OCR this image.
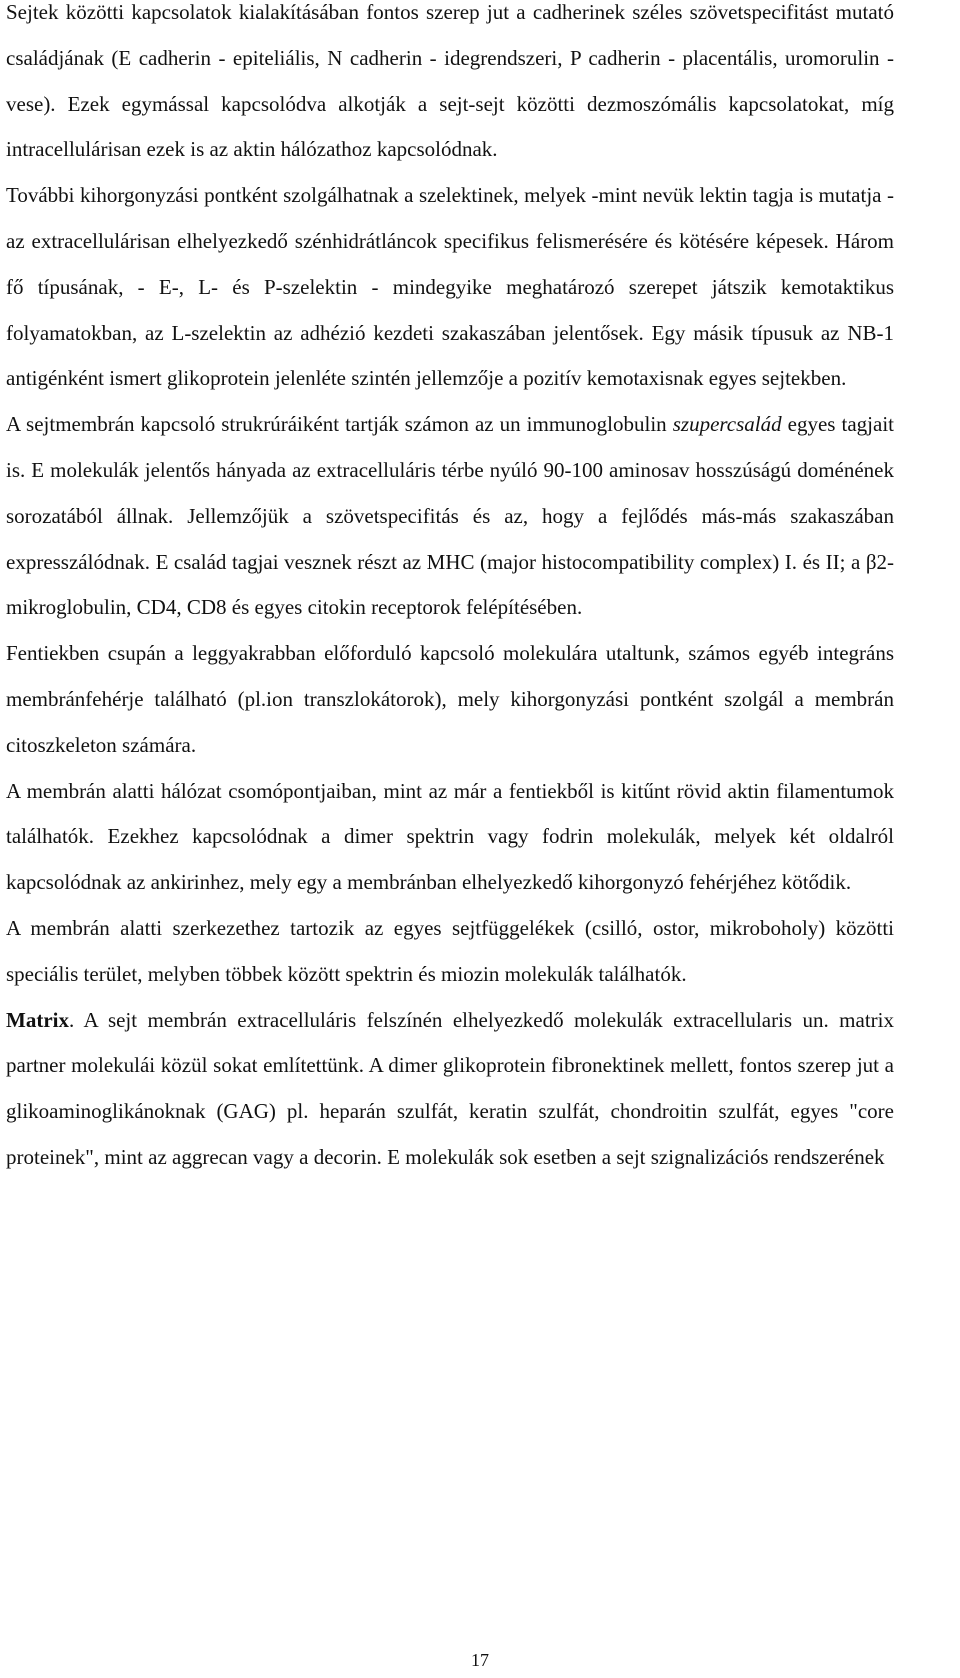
Sejtek közötti kapcsolatok kialakításában fontos szerep jut a cadherinek széles szövetspecifitást mutató családjának (E cadherin - epiteliális, N cadherin - idegrendszeri, P cadherin - placentális, uromorulin - vese). Ezek egymással kapcsolódva alkotják a sejt-sejt közötti dezmoszómális kapcsolatokat, míg intracellulárisan ezek is az aktin hálózathoz kapcsolódnak.

További kihorgonyzási pontként szolgálhatnak a szelektinek, melyek -mint nevük lektin tagja is mutatja - az extracellulárisan elhelyezkedő szénhidrátláncok specifikus felismerésére és kötésére képesek. Három fő típusának, - E-, L- és P-szelektin - mindegyike meghatározó szerepet játszik kemotaktikus folyamatokban, az L-szelektin az adhézió kezdeti szakaszában jelentősek. Egy másik típusuk az NB-1 antigénként ismert glikoprotein jelenléte szintén jellemzője a pozitív kemotaxisnak egyes sejtekben.

A sejtmembrán kapcsoló strukrúráiként tartják számon az un immunoglobulin szupercsalád egyes tagjait is. E molekulák jelentős hányada az extracelluláris térbe nyúló 90-100 aminosav hosszúságú doménének sorozatából állnak. Jellemzőjük a szövetspecifitás és az, hogy a fejlődés más-más szakaszában expresszálódnak. E család tagjai vesznek részt az MHC (major histocompatibility complex) I. és II; a β2-mikroglobulin, CD4, CD8 és egyes citokin receptorok felépítésében.

Fentiekben csupán a leggyakrabban előforduló kapcsoló molekulára utaltunk, számos egyéb integráns membránfehérje található (pl.ion transzlokátorok), mely kihorgonyzási pontként szolgál a membrán citoszkeleton számára.

A membrán alatti hálózat csomópontjaiban, mint az már a fentiekből is kitűnt rövid aktin filamentumok találhatók. Ezekhez kapcsolódnak a dimer spektrin vagy fodrin molekulák, melyek két oldalról kapcsolódnak az ankirinhez, mely egy a membránban elhelyezkedő kihorgonyzó fehérjéhez kötődik.

A membrán alatti szerkezethez tartozik az egyes sejtfüggelékek (csilló, ostor, mikroboholy) közötti speciális terület, melyben többek között spektrin és miozin molekulák találhatók.

Matrix. A sejt membrán extracelluláris felszínén elhelyezkedő molekulák extracellularis un. matrix partner molekulái közül sokat említettünk. A dimer glikoprotein fibronektinek mellett, fontos szerep jut a glikoaminoglikánoknak (GAG) pl. heparán szulfát, keratin szulfát, chondroitin szulfát, egyes "core proteinek", mint az aggrecan vagy a decorin. E molekulák sok esetben a sejt szignalizációs rendszerének

17
